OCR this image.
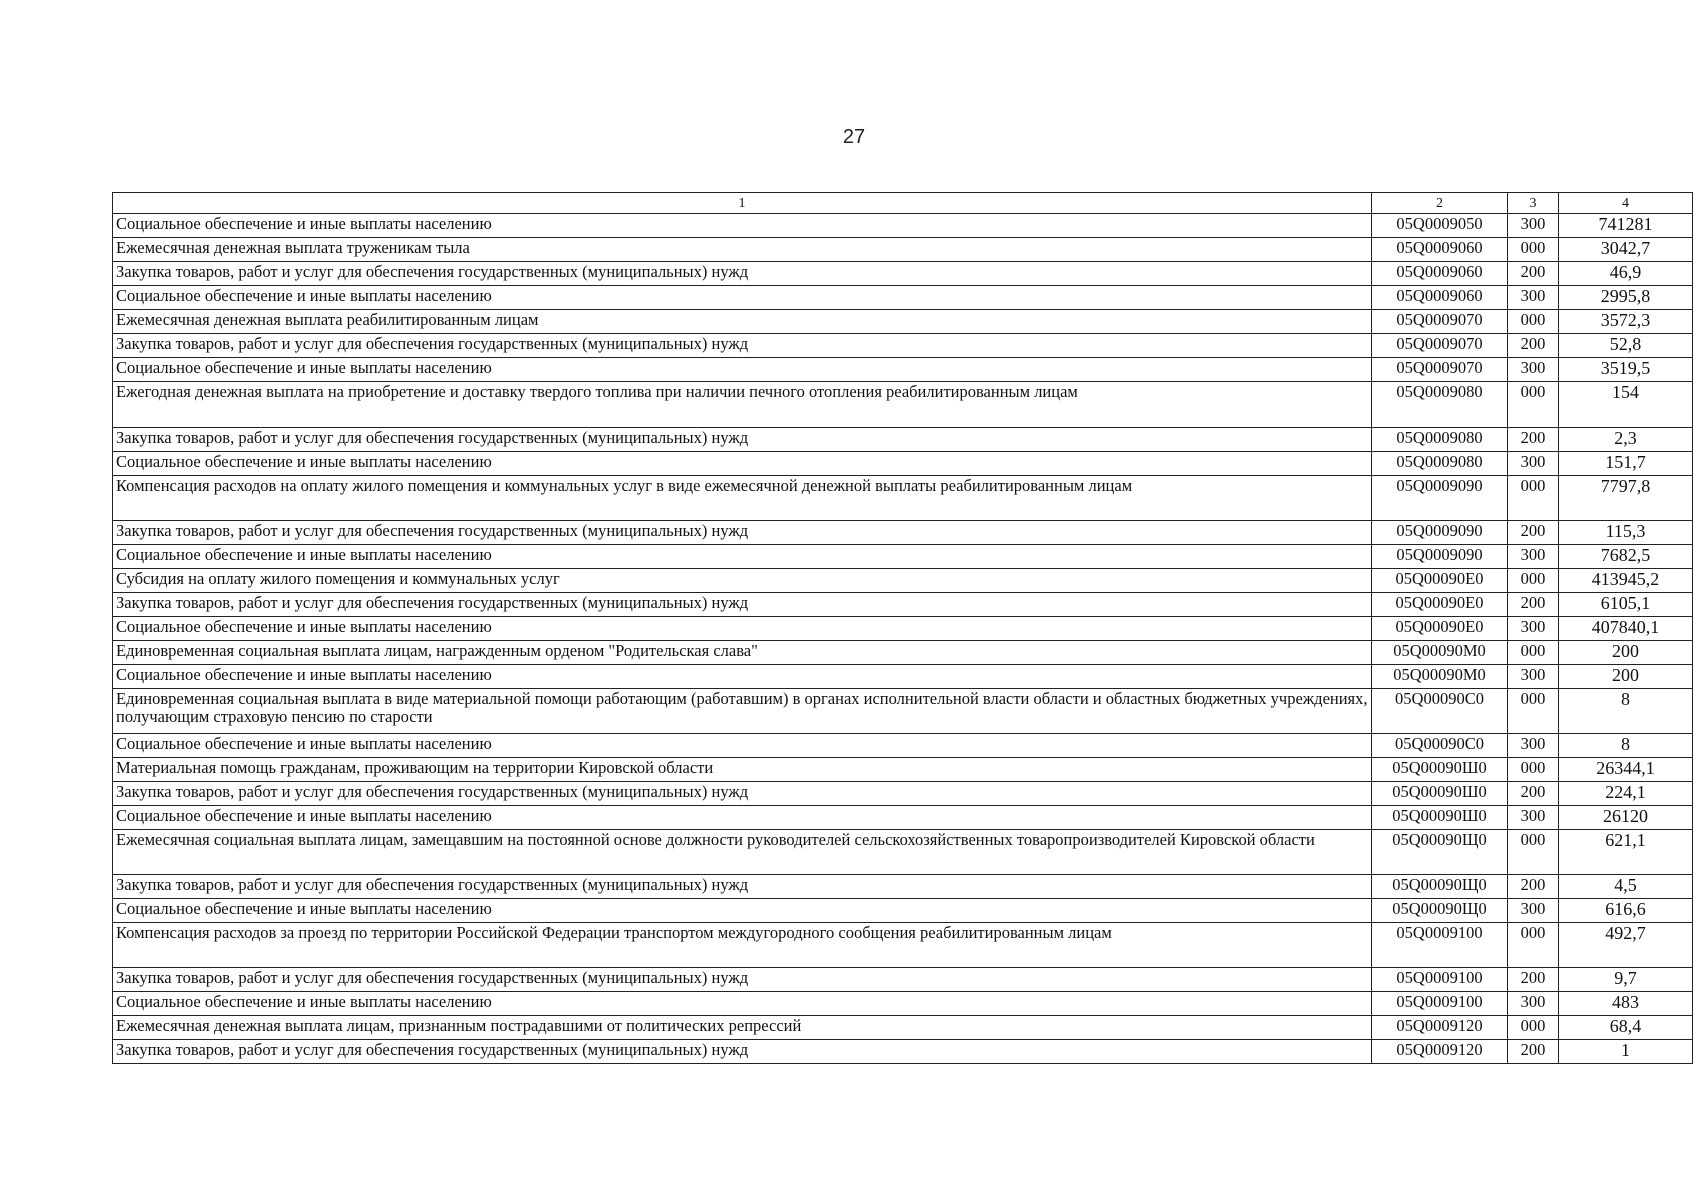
27
1	2	3	4
Социальное обеспечение и иные выплаты населению	05Q0009050	300	741281
Ежемесячная денежная выплата труженикам тыла	05Q0009060	000	3042,7
Закупка товаров, работ и услуг для обеспечения государственных (муниципальных) нужд	05Q0009060	200	46,9
Социальное обеспечение и иные выплаты населению	05Q0009060	300	2995,8
Ежемесячная денежная выплата реабилитированным лицам	05Q0009070	000	3572,3
Закупка товаров, работ и услуг для обеспечения государственных (муниципальных) нужд	05Q0009070	200	52,8
Социальное обеспечение и иные выплаты населению	05Q0009070	300	3519,5
Ежегодная денежная выплата на приобретение и доставку твердого топлива при наличии печного отопления реабилитированным лицам	05Q0009080	000	154
Закупка товаров, работ и услуг для обеспечения государственных (муниципальных) нужд	05Q0009080	200	2,3
Социальное обеспечение и иные выплаты населению	05Q0009080	300	151,7
Компенсация расходов на оплату жилого помещения и коммунальных услуг в виде ежемесячной денежной выплаты реабилитированным лицам	05Q0009090	000	7797,8
Закупка товаров, работ и услуг для обеспечения государственных (муниципальных) нужд	05Q0009090	200	115,3
Социальное обеспечение и иные выплаты населению	05Q0009090	300	7682,5
Субсидия на оплату жилого помещения и коммунальных услуг	05Q00090Е0	000	413945,2
Закупка товаров, работ и услуг для обеспечения государственных (муниципальных) нужд	05Q00090Е0	200	6105,1
Социальное обеспечение и иные выплаты населению	05Q00090Е0	300	407840,1
Единовременная социальная выплата лицам, награжденным орденом "Родительская слава"	05Q00090М0	000	200
Социальное обеспечение и иные выплаты населению	05Q00090М0	300	200
Единовременная социальная выплата в виде материальной помощи работающим (работавшим) в органах исполнительной власти области и областных бюджетных учреждениях, получающим страховую пенсию по старости	05Q00090С0	000	8
Социальное обеспечение и иные выплаты населению	05Q00090С0	300	8
Материальная помощь гражданам, проживающим на территории Кировской области	05Q00090Ш0	000	26344,1
Закупка товаров, работ и услуг для обеспечения государственных (муниципальных) нужд	05Q00090Ш0	200	224,1
Социальное обеспечение и иные выплаты населению	05Q00090Ш0	300	26120
Ежемесячная социальная выплата лицам, замещавшим на постоянной основе должности руководителей сельскохозяйственных товаропроизводителей Кировской области	05Q00090Щ0	000	621,1
Закупка товаров, работ и услуг для обеспечения государственных (муниципальных) нужд	05Q00090Щ0	200	4,5
Социальное обеспечение и иные выплаты населению	05Q00090Щ0	300	616,6
Компенсация расходов за проезд по территории Российской Федерации транспортом междугородного сообщения реабилитированным лицам	05Q0009100	000	492,7
Закупка товаров, работ и услуг для обеспечения государственных (муниципальных) нужд	05Q0009100	200	9,7
Социальное обеспечение и иные выплаты населению	05Q0009100	300	483
Ежемесячная денежная выплата лицам, признанным пострадавшими от политических репрессий	05Q0009120	000	68,4
Закупка товаров, работ и услуг для обеспечения государственных (муниципальных) нужд	05Q0009120	200	1
